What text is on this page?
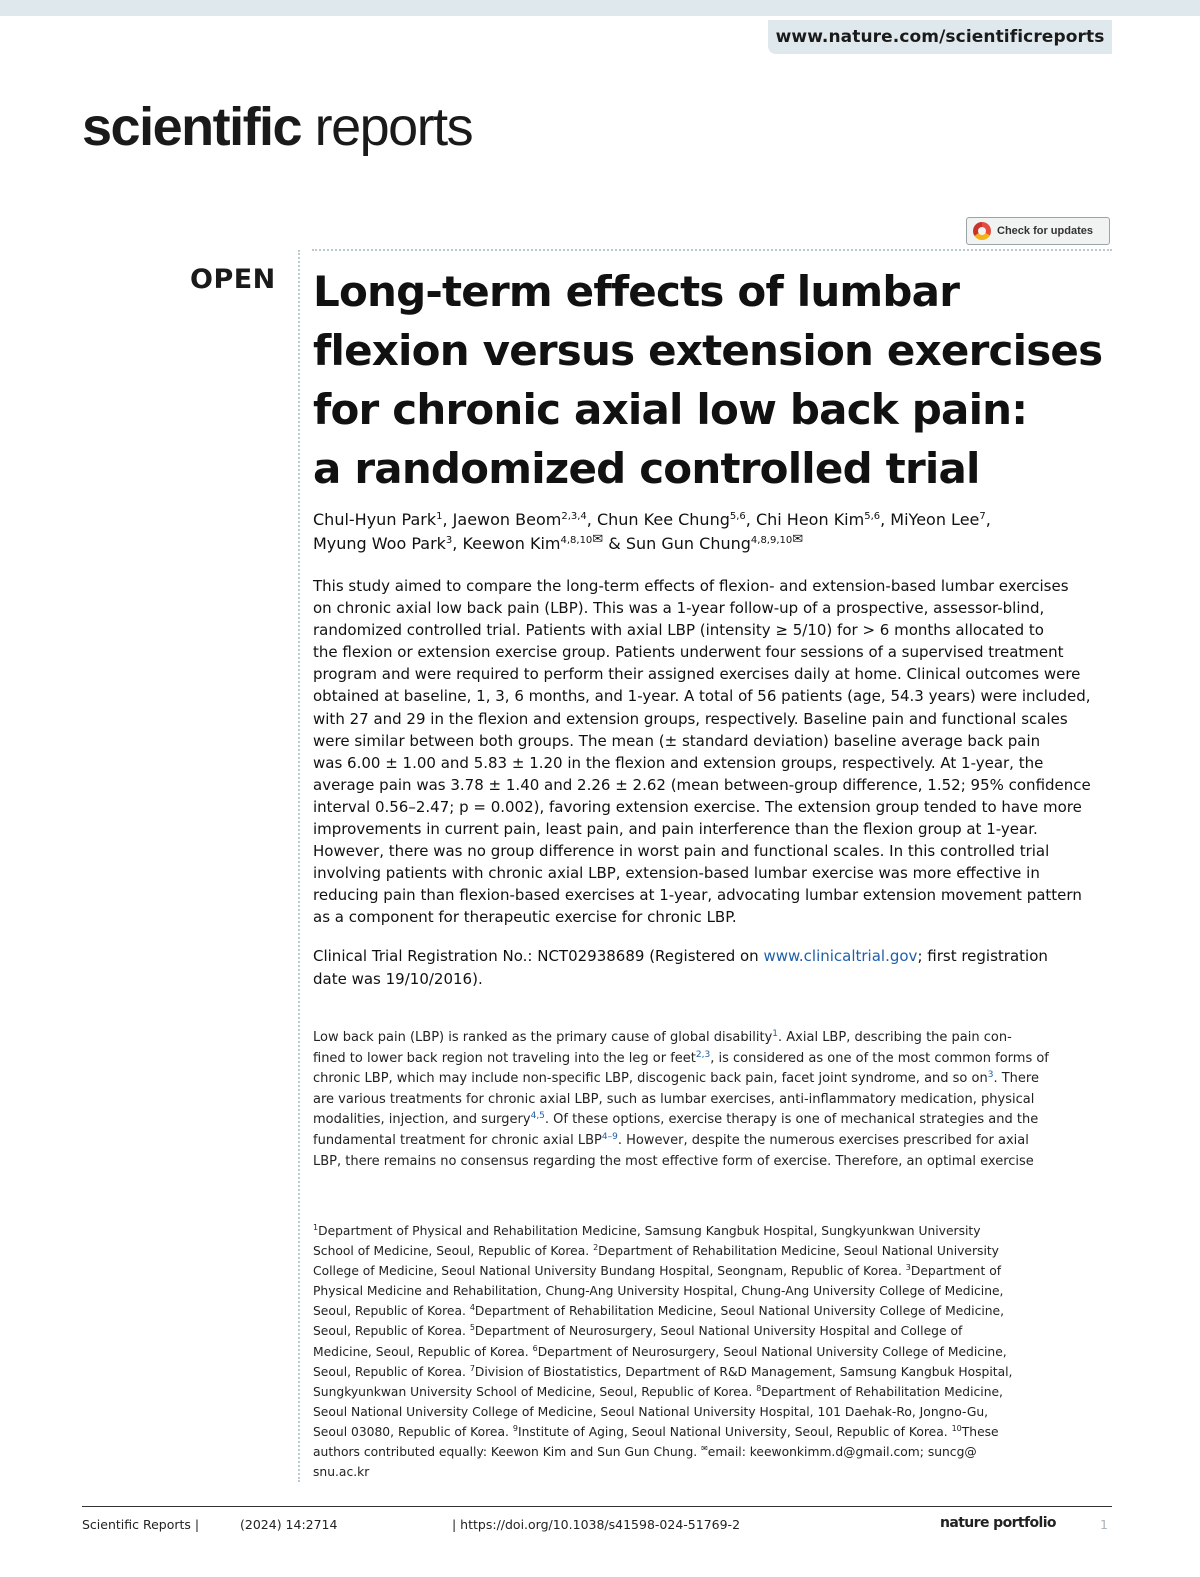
www.nature.com/scientificreports
scientific reports
Check for updates
OPEN Long-term effects of lumbar
flexion versus extension exercises
for chronic axial low back pain:
a randomized controlled trial
Chul-Hyun Park$^1$, Jaewon Beom$^{2,3,4}$, Chun Kee Chung$^{5,6}$, Chi Heon Kim$^{5,6}$, MiYeon Lee$^7$,
Myung Woo Park$^3$, Keewon Kim$^{4,8,10✉}$ & Sun Gun Chung$^{4,8,9,10✉}$
This study aimed to compare the long-term effects of flexion- and extension-based lumbar exercises
on chronic axial low back pain (LBP). This was a 1-year follow-up of a prospective, assessor-blind,
randomized controlled trial. Patients with axial LBP (intensity ≥ 5/10) for > 6 months allocated to
the flexion or extension exercise group. Patients underwent four sessions of a supervised treatment
program and were required to perform their assigned exercises daily at home. Clinical outcomes were
obtained at baseline, 1, 3, 6 months, and 1-year. A total of 56 patients (age, 54.3 years) were included,
with 27 and 29 in the flexion and extension groups, respectively. Baseline pain and functional scales
were similar between both groups. The mean (± standard deviation) baseline average back pain
was 6.00 ± 1.00 and 5.83 ± 1.20 in the flexion and extension groups, respectively. At 1-year, the
average pain was 3.78 ± 1.40 and 2.26 ± 2.62 (mean between-group difference, 1.52; 95% confidence
interval 0.56–2.47; p = 0.002), favoring extension exercise. The extension group tended to have more
improvements in current pain, least pain, and pain interference than the flexion group at 1-year.
However, there was no group difference in worst pain and functional scales. In this controlled trial
involving patients with chronic axial LBP, extension-based lumbar exercise was more effective in
reducing pain than flexion-based exercises at 1-year, advocating lumbar extension movement pattern
as a component for therapeutic exercise for chronic LBP.
Clinical Trial Registration No.: NCT02938689 (Registered on www.clinicaltrial.gov; first registration
date was 19/10/2016).
Low back pain (LBP) is ranked as the primary cause of global disability$^1$. Axial LBP, describing the pain con-
fined to lower back region not traveling into the leg or feet$^{2,3}$, is considered as one of the most common forms of
chronic LBP, which may include non-specific LBP, discogenic back pain, facet joint syndrome, and so $on^3$. There
are various treatments for chronic axial LBP, such as lumbar exercises, anti-inflammatory medication, physical
modalities, injection, and surgery$^{4,5}$. Of these options, exercise therapy is one of mechanical strategies and the
fundamental treatment for chronic axial LBP$^{4-9}$. However, despite the numerous exercises prescribed for axial
LBP, there remains no consensus regarding the most effective form of exercise. Therefore, an optimal exercise
$^1$Department of Physical and Rehabilitation Medicine, Samsung Kangbuk Hospital, Sungkyunkwan University
School of Medicine, Seoul, Republic of Korea. $^2$Department of Rehabilitation Medicine, Seoul National University
College of Medicine, Seoul National University Bundang Hospital, Seongnam, Republic of Korea. $^3$Department of
Physical Medicine and Rehabilitation, Chung-Ang University Hospital, Chung-Ang University College of Medicine,
Seoul, Republic of Korea. $^4$Department of Rehabilitation Medicine, Seoul National University College of Medicine,
Seoul, Republic of Korea. $^5$Department of Neurosurgery, Seoul National University Hospital and College of
Medicine, Seoul, Republic of Korea. $^6$Department of Neurosurgery, Seoul National University College of Medicine,
Seoul, Republic of Korea. $^7$Division of Biostatistics, Department of R&D Management, Samsung Kangbuk Hospital,
Sungkyunkwan University School of Medicine, Seoul, Republic of Korea. $^8$Department of Rehabilitation Medicine,
Seoul National University College of Medicine, Seoul National University Hospital, 101 Daehak-Ro, Jongno-Gu,
Seoul 03080, Republic of Korea. $^9$Institute of Aging, Seoul National University, Seoul, Republic of Korea. $^{10}$These
authors contributed equally: Keewon Kim and Sun Gun Chung. ✉email: keewonkimm.d@gmail.com; suncg@
snu.ac.kr
Scientific Reports |	(2024) 14:2714	| https://doi.org/10.1038/s41598-024-51769-2	nature portfolio	1
